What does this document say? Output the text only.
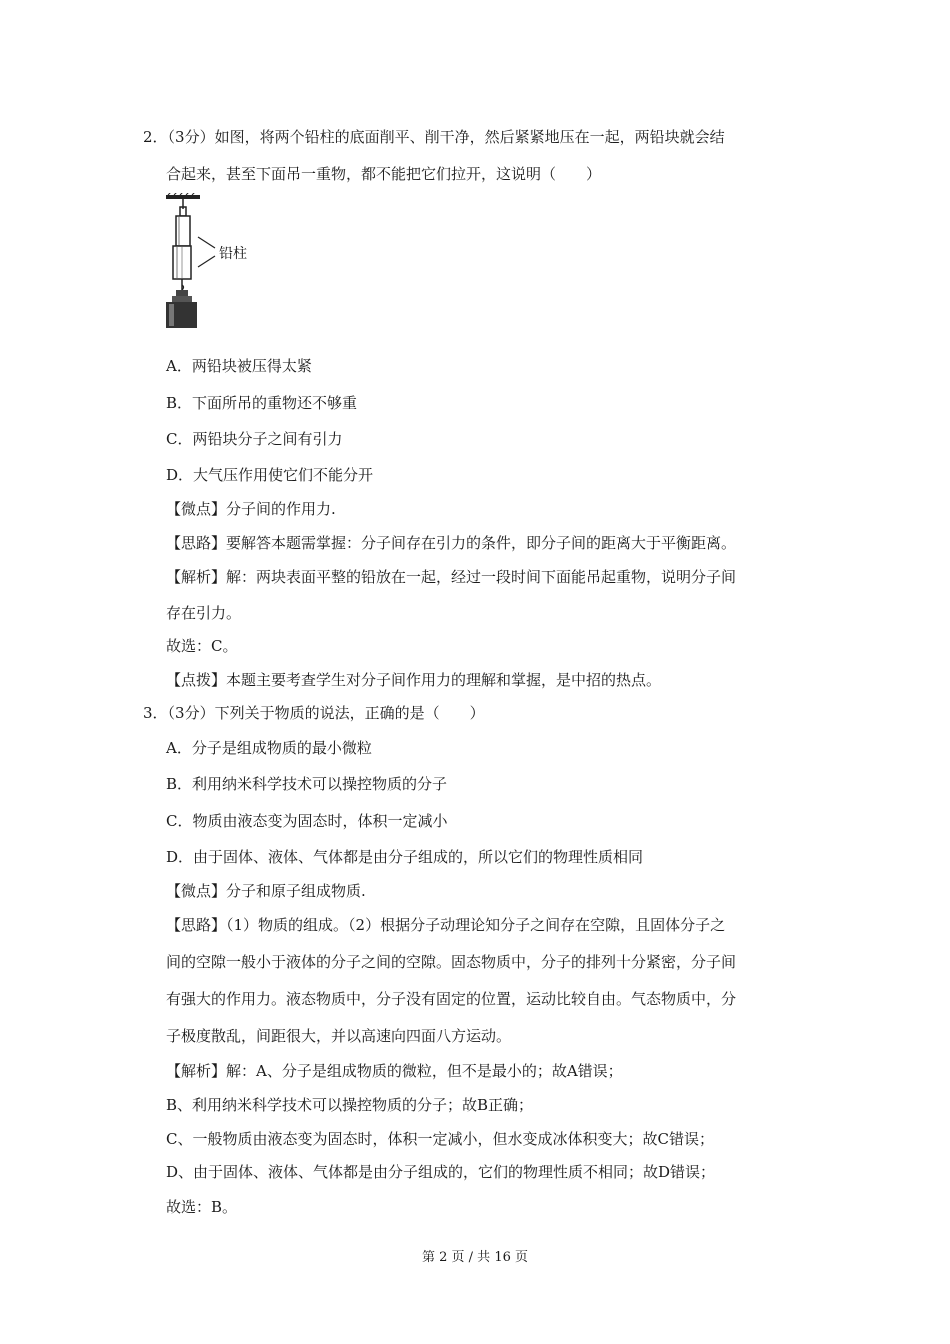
2．（3分）如图，将两个铅柱的底面削平、削干净，然后紧紧地压在一起，两铅块就会结
合起来，甚至下面吊一重物，都不能把它们拉开，这说明（　　）
铅柱
A．两铅块被压得太紧
B．下面所吊的重物还不够重
C．两铅块分子之间有引力
D．大气压作用使它们不能分开
【微点】分子间的作用力.
【思路】要解答本题需掌握：分子间存在引力的条件，即分子间的距离大于平衡距离。
【解析】解：两块表面平整的铅放在一起，经过一段时间下面能吊起重物，说明分子间
存在引力。
故选：C。
【点拨】本题主要考查学生对分子间作用力的理解和掌握，是中招的热点。
3．（3分）下列关于物质的说法，正确的是（　　）
A．分子是组成物质的最小微粒
B．利用纳米科学技术可以操控物质的分子
C．物质由液态变为固态时，体积一定减小
D．由于固体、液体、气体都是由分子组成的，所以它们的物理性质相同
【微点】分子和原子组成物质.
【思路】（1）物质的组成。（2）根据分子动理论知分子之间存在空隙，且固体分子之
间的空隙一般小于液体的分子之间的空隙。固态物质中，分子的排列十分紧密，分子间
有强大的作用力。液态物质中，分子没有固定的位置，运动比较自由。气态物质中，分
子极度散乱，间距很大，并以高速向四面八方运动。
【解析】解：A、分子是组成物质的微粒，但不是最小的；故A错误；
B、利用纳米科学技术可以操控物质的分子；故B正确；
C、一般物质由液态变为固态时，体积一定减小，但水变成冰体积变大；故C错误；
D、由于固体、液体、气体都是由分子组成的，它们的物理性质不相同；故D错误；
故选：B。
第 2 页 / 共 16 页
